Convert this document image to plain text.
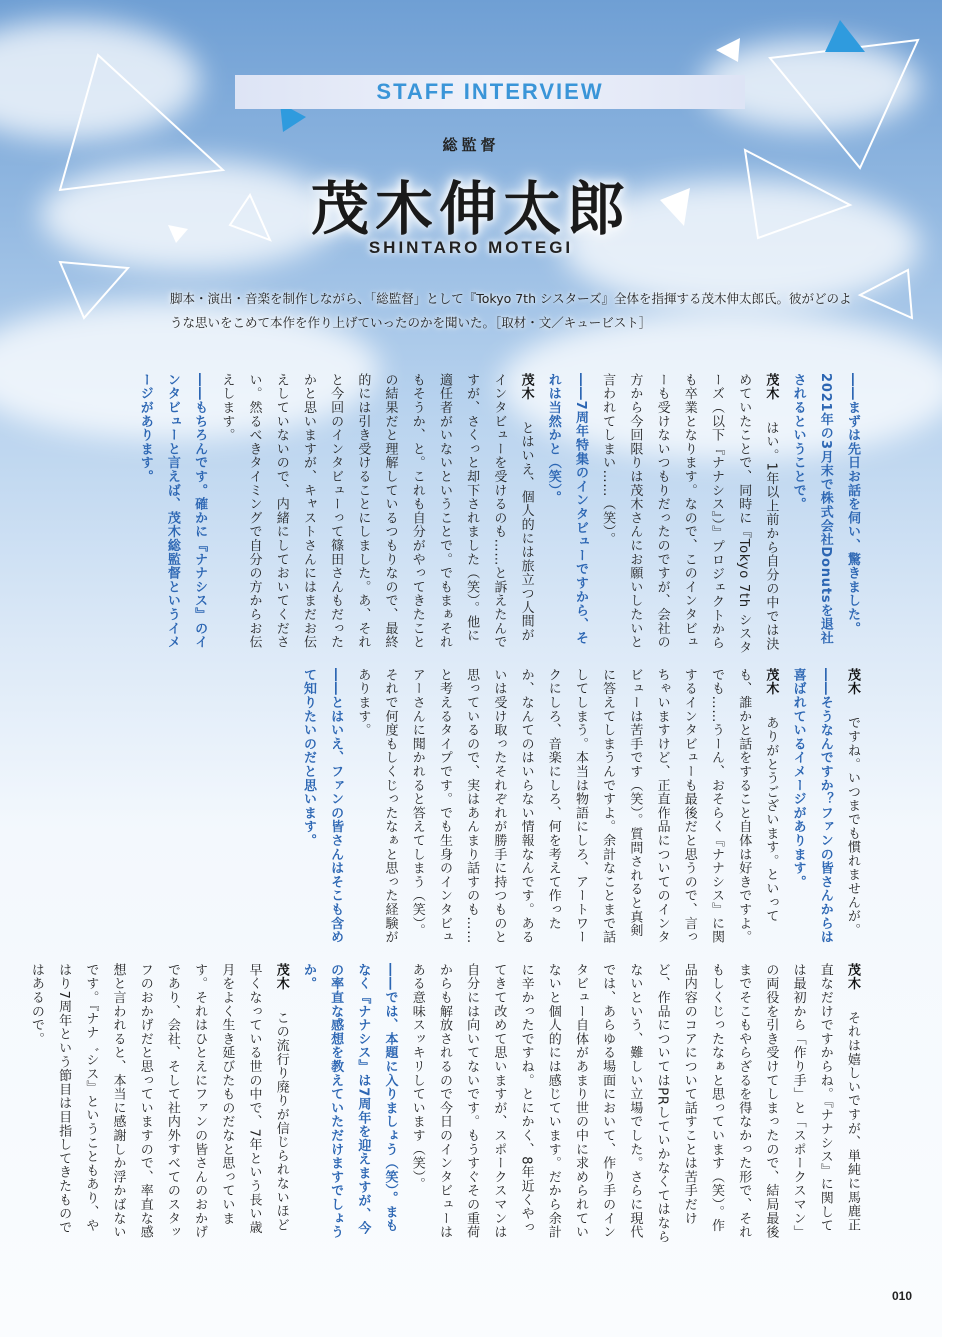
STAFF INTERVIEW
総監督
茂木伸太郎
SHINTARO MOTEGI
脚本・演出・音楽を制作しながら、「総監督」として『Tokyo 7th シスターズ』全体を指揮する茂木伸太郎氏。彼がどのような思いをこめて本作を作り上げていったのかを聞いた。［取材・文／キュービスト］

――まずは先日お話を伺い、驚きました。2021年の3月末で株式会社Donutsを退社されるということで。

茂木　はい。1年以上前から自分の中では決めていたことで、同時に『Tokyo 7th シスターズ（以下『ナナシス』）』プロジェクトからも卒業となります。なので、このインタビューも受けないつもりだったのですが、会社の方から今回限りは茂木さんにお願いしたいと言われてしまい……（笑）。

――7周年特集のインタビューですから、それは当然かと（笑）。

茂木　とはいえ、個人的には旅立つ人間がインタビューを受けるのも……と訴えたんですが、さくっと却下されました（笑）。他に適任者がいないということで。でもまぁそれもそうか、と。これも自分がやってきたことの結果だと理解しているつもりなので、最終的には引き受けることにしました。あ、それと今回のインタビューって篠田さんもだったかと思いますが、キャストさんにはまだお伝えしていないので、内緒にしておいてください。然るべきタイミングで自分の方からお伝えします。

――もちろんです。確かに『ナナシス』のインタビューと言えば、茂木総監督というイメージがあります。

茂木　ですね。いつまでも慣れませんが。

――そうなんですか？ファンの皆さんからは喜ばれているイメージがあります。

茂木　ありがとうございます。といっても、誰かと話をすること自体は好きですよ。でも……うーん、おそらく『ナナシス』に関するインタビューも最後だと思うので、言っちゃいますけど、正直作品についてのインタビューは苦手です（笑）。質問されると真剣に答えてしまうんですよ。余計なことまで話してしまう。本当は物語にしろ、アートワークにしろ、音楽にしろ、何を考えて作ったか、なんてのはいらない情報なんです。あるいは受け取ったそれぞれが勝手に持つものと思っているので、実はあんまり話すのも……と考えるタイプです。でも生身のインタビュアーさんに聞かれると答えてしまう（笑）。それで何度もしくじったなぁと思った経験があります。

――とはいえ、ファンの皆さんはそこも含めて知りたいのだと思います。

茂木　それは嬉しいですが、単純に馬鹿正直なだけですからね。『ナナシス』に関しては最初から「作り手」と「スポークスマン」の両役を引き受けてしまったので、結局最後までそこもやらざるを得なかった形で、それもしくじったなぁと思っています（笑）。作品内容のコアについて話すことは苦手だけど、作品についてはPRしていかなくてはならないという、難しい立場でした。さらに現代では、あらゆる場面において、作り手のインタビュー自体があまり世の中に求められていないと個人的には感じています。だから余計に辛かったですね。とにかく、8年近くやってきて改めて思いますが、スポークスマンは自分には向いてないです。もうすぐその重荷からも解放されるので今日のインタビューはある意味スッキリしています（笑）。

――では、本題に入りましょう（笑）。まもなく『ナナシス』は7周年を迎えますが、今の率直な感想を教えていただけますでしょうか。

茂木　この流行り廃りが信じられないほど早くなっている世の中で、7年という長い歳月をよく生き延びたものだなと思っています。それはひとえにファンの皆さんのおかげであり、会社、そして社内外すべてのスタッフのおかげだと思っていますので、率直な感想と言われると、本当に感謝しか浮かばないです。『ナナ゛シス』ということもあり、やはり7周年という節目は目指してきたものではあるので。

010
